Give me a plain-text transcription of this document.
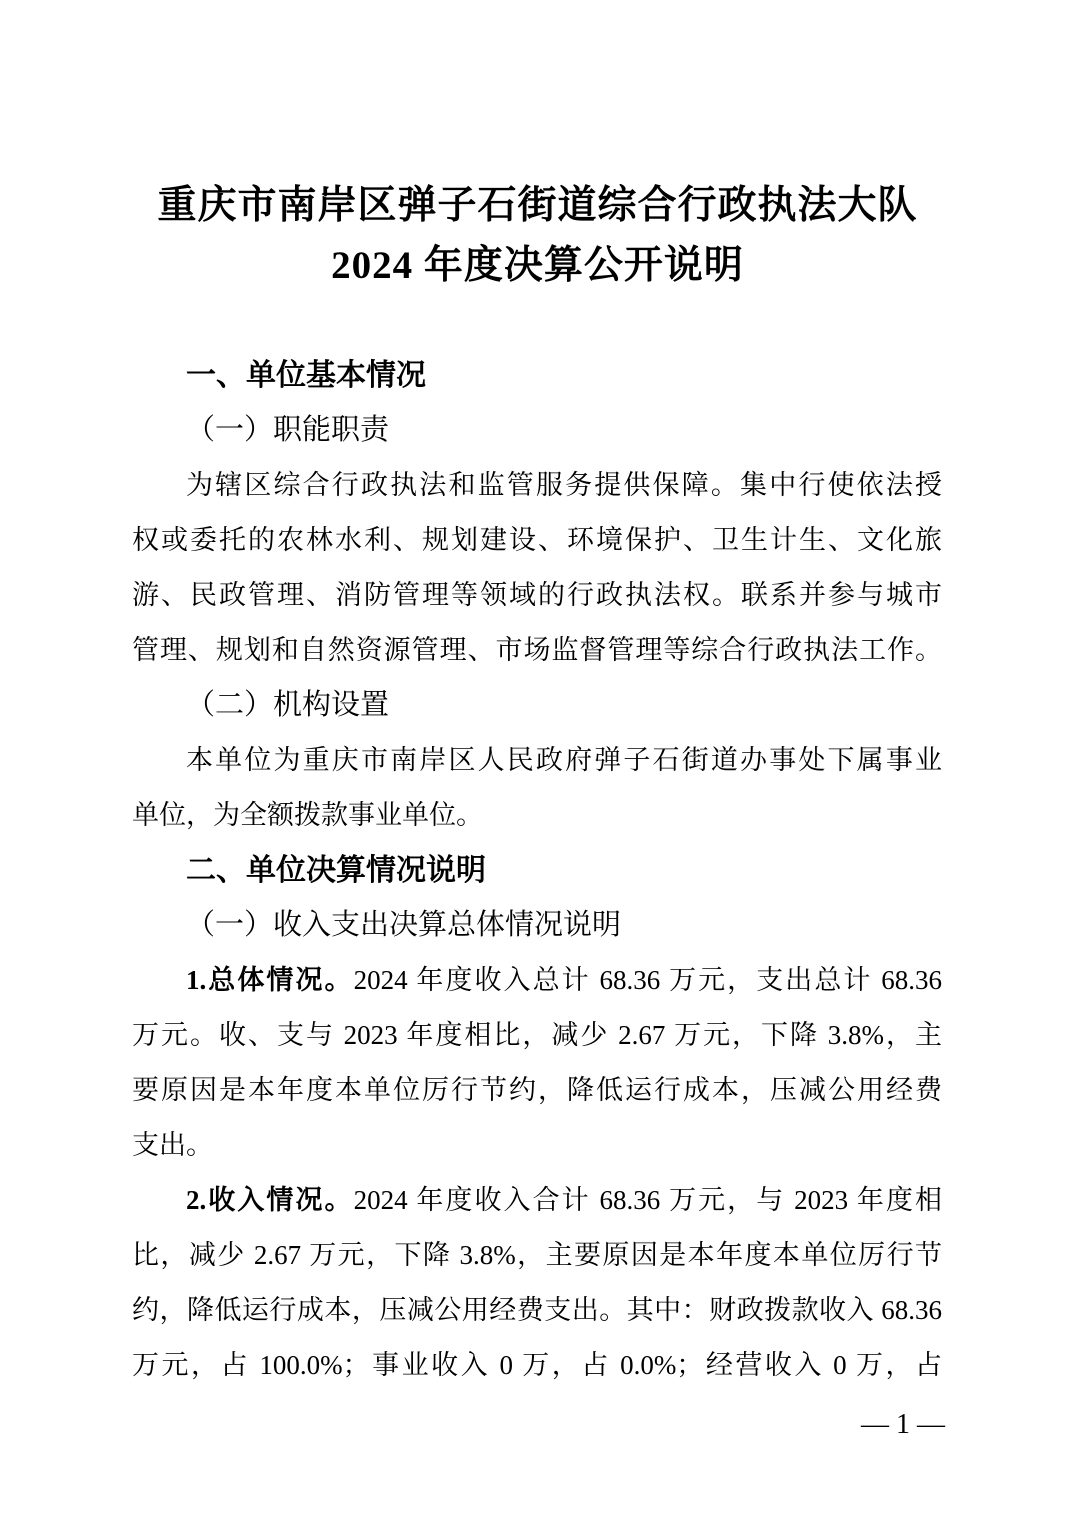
重庆市南岸区弹子石街道综合行政执法大队
2024 年度决算公开说明
一、单位基本情况
（一）职能职责
为辖区综合行政执法和监管服务提供保障。集中行使依法授
权或委托的农林水利、规划建设、环境保护、卫生计生、文化旅
游、民政管理、消防管理等领域的行政执法权。联系并参与城市
管理、规划和自然资源管理、市场监督管理等综合行政执法工作。
（二）机构设置
本单位为重庆市南岸区人民政府弹子石街道办事处下属事业
单位，为全额拨款事业单位。
二、单位决算情况说明
（一）收入支出决算总体情况说明
1.总体情况。2024 年度收入总计 68.36 万元，支出总计 68.36
万元。收、支与 2023 年度相比，减少 2.67 万元，下降 3.8%，主
要原因是本年度本单位厉行节约，降低运行成本，压减公用经费
支出。
2.收入情况。2024 年度收入合计 68.36 万元，与 2023 年度相
比，减少 2.67 万元，下降 3.8%，主要原因是本年度本单位厉行节
约，降低运行成本，压减公用经费支出。其中：财政拨款收入 68.36
万元，占 100.0%；事业收入 0 万，占 0.0%；经营收入 0 万，占
— 1 —
